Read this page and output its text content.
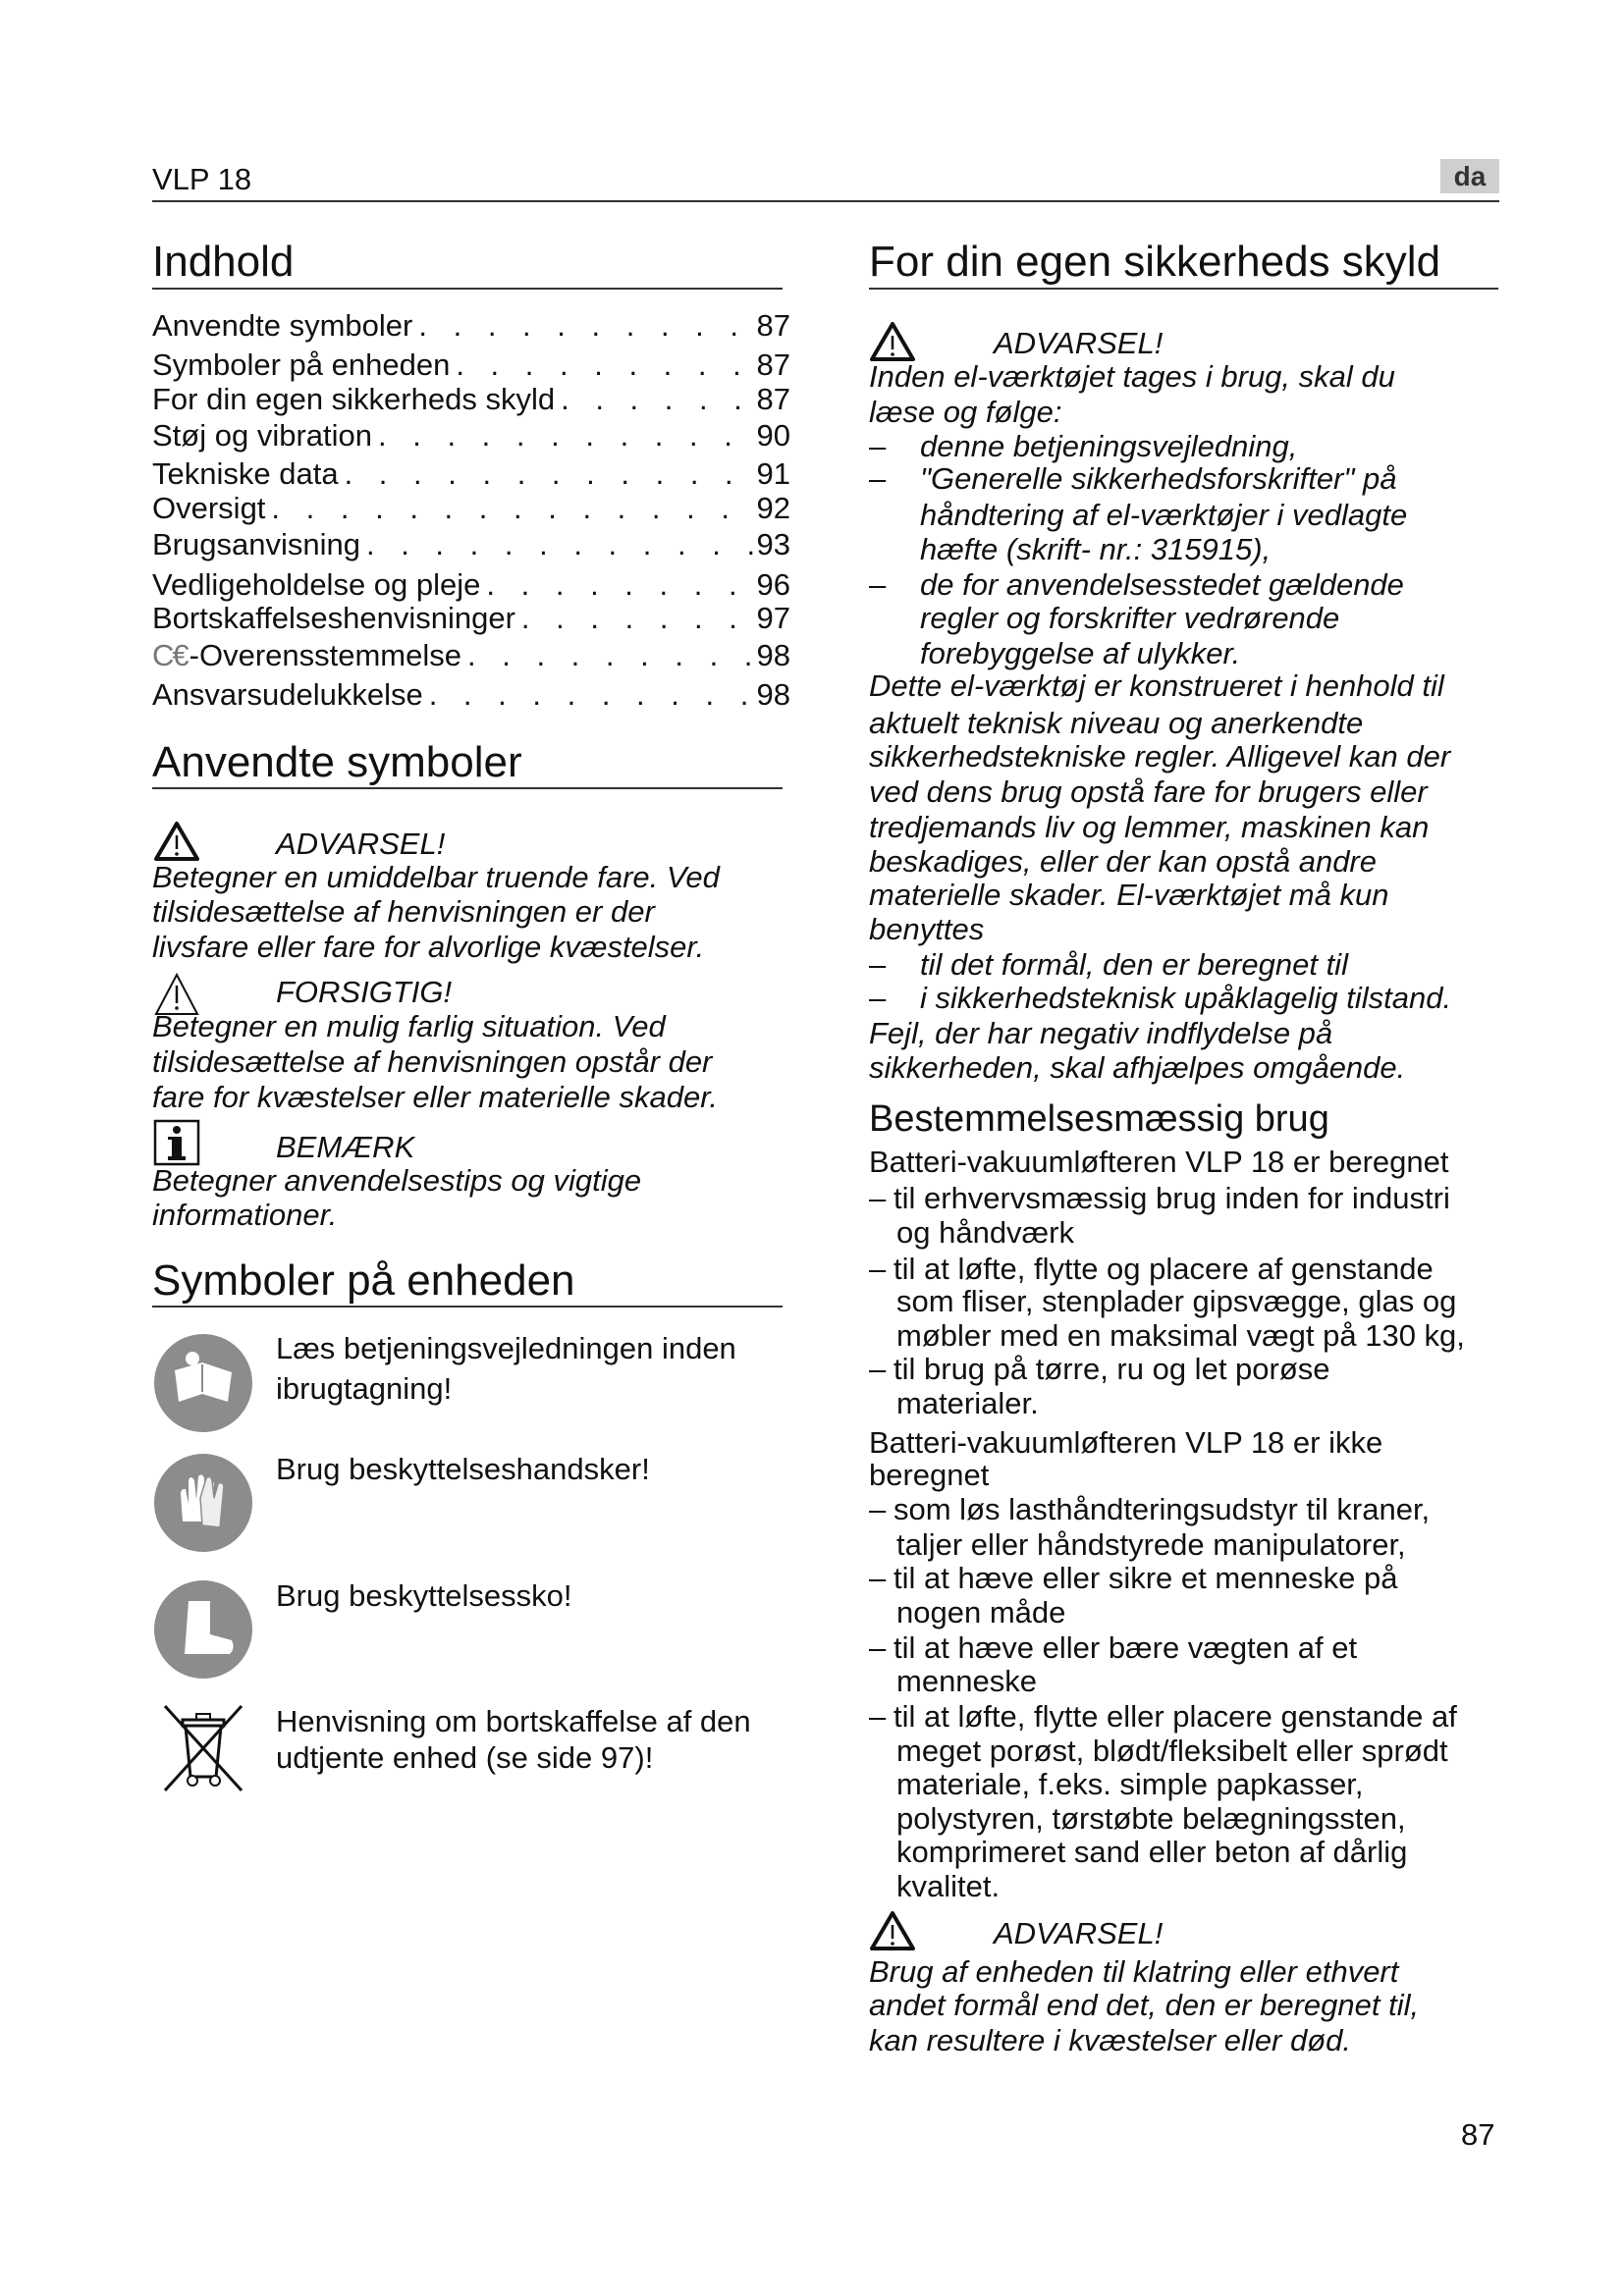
VLP 18	da
Indhold
Anvendte symboler . . .	87
Symboler på enheden . . .	87
For din egen sikkerheds skyld . . .	87
Støj og vibration . . .	90
Tekniske data . . .	91
Oversigt . . .	92
Brugsanvisning . . .	93
Vedligeholdelse og pleje . . .	96
Bortskaffelseshenvisninger . . .	97
C€ -Overensstemmelse . . .	98
Ansvarsudelukkelse . . .	98
Anvendte symboler
ADVARSEL!
Betegner en umiddelbar truende fare. Ved
tilsidesættelse af henvisningen er der
livsfare eller fare for alvorlige kvæstelser.
FORSIGTIG!
Betegner en mulig farlig situation. Ved
tilsidesættelse af henvisningen opstår der
fare for kvæstelser eller materielle skader.
BEMÆRK
Betegner anvendelsestips og vigtige
informationer.
Symboler på enheden
Læs betjeningsvejledningen inden
ibrugtagning!
Brug beskyttelseshandsker!
Brug beskyttelsessko!
Henvisning om bortskaffelse af den
udtjente enhed (se side 97)!
For din egen sikkerheds skyld
ADVARSEL!
Inden el-værktøjet tages i brug, skal du
læse og følge:
– denne betjeningsvejledning,
– "Generelle sikkerhedsforskrifter" på
håndtering af el-værktøjer i vedlagte
hæfte (skrift- nr.: 315915),
– de for anvendelsesstedet gældende
regler og forskrifter vedrørende
forebyggelse af ulykker.
Dette el-værktøj er konstrueret i henhold til
aktuelt teknisk niveau og anerkendte
sikkerhedstekniske regler. Alligevel kan der
ved dens brug opstå fare for brugers eller
tredjemands liv og lemmer, maskinen kan
beskadiges, eller der kan opstå andre
materielle skader. El-værktøjet må kun
benyttes
– til det formål, den er beregnet til
– i sikkerhedsteknisk upåklagelig tilstand.
Fejl, der har negativ indflydelse på
sikkerheden, skal afhjælpes omgående.
Bestemmelsesmæssig brug
Batteri-vakuumløfteren VLP 18 er beregnet
– til erhvervsmæssig brug inden for industri
og håndværk
– til at løfte, flytte og placere af genstande
som fliser, stenplader gipsvægge, glas og
møbler med en maksimal vægt på 130 kg,
– til brug på tørre, ru og let porøse
materialer.
Batteri-vakuumløfteren VLP 18 er ikke
beregnet
– som løs lasthåndteringsudstyr til kraner,
taljer eller håndstyrede manipulatorer,
– til at hæve eller sikre et menneske på
nogen måde
– til at hæve eller bære vægten af et
menneske
– til at løfte, flytte eller placere genstande af
meget porøst, blødt/fleksibelt eller sprødt
materiale, f.eks. simple papkasser,
polystyren, tørstøbte belægningssten,
komprimeret sand eller beton af dårlig
kvalitet.
ADVARSEL!
Brug af enheden til klatring eller ethvert
andet formål end det, den er beregnet til,
kan resultere i kvæstelser eller død.
87
